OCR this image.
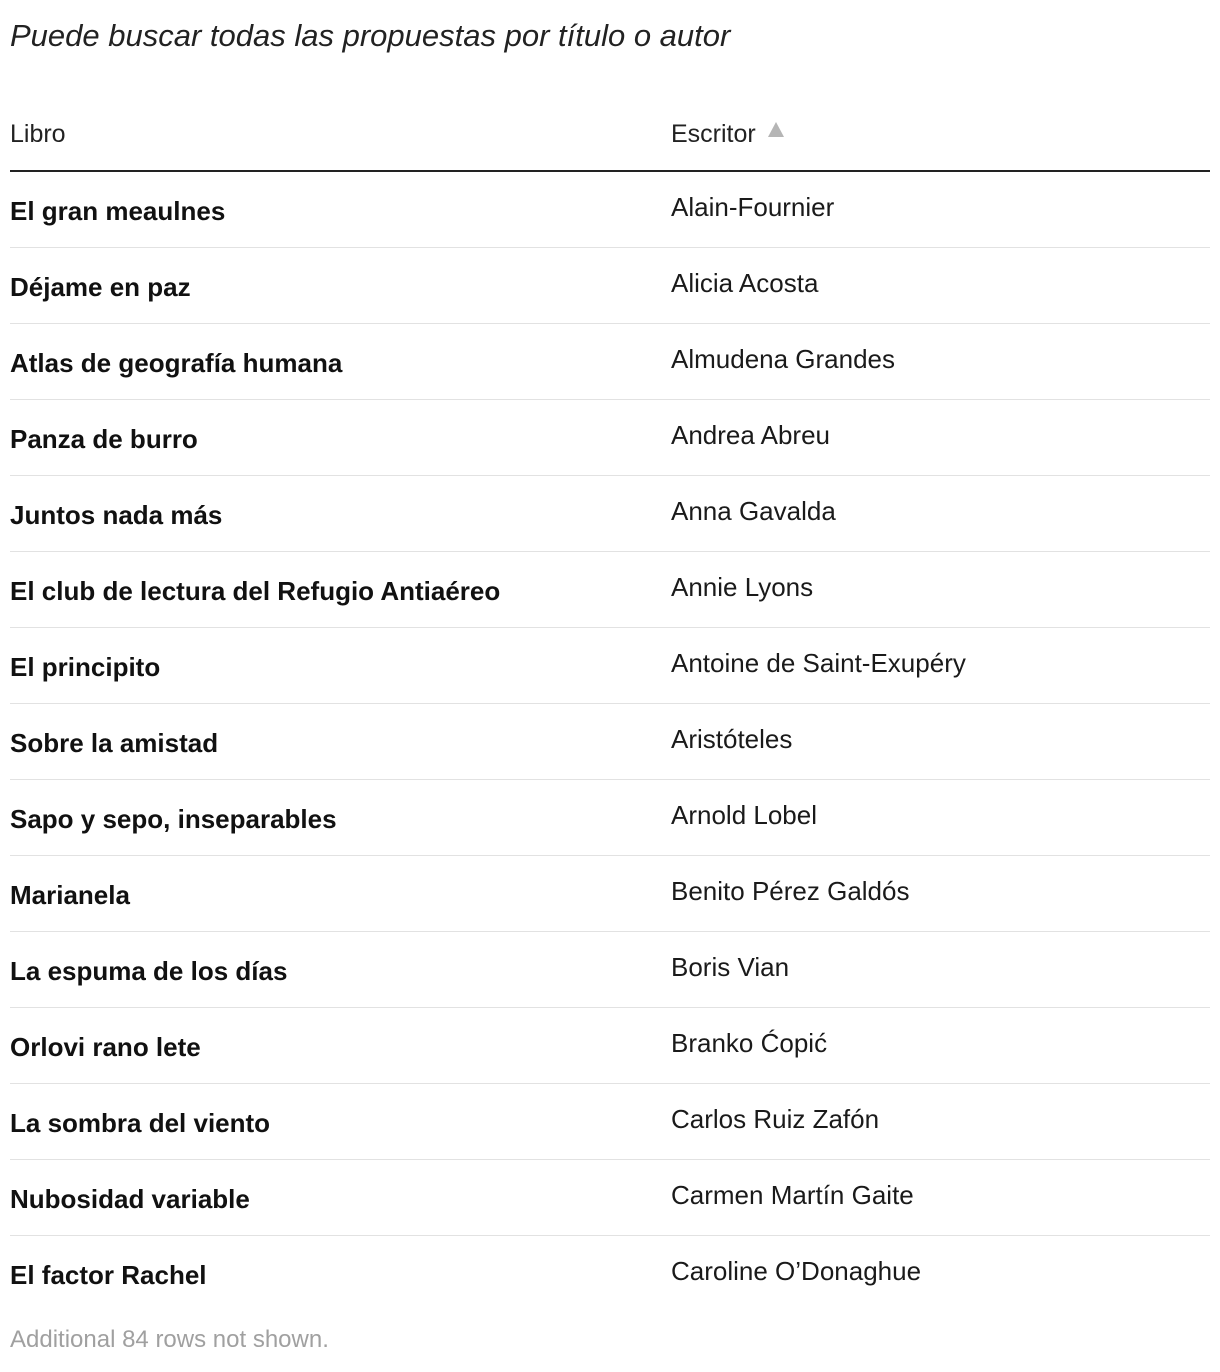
Puede buscar todas las propuestas por título o autor
Libro	Escritor
El gran meaulnes	Alain-Fournier
Déjame en paz	Alicia Acosta
Atlas de geografía humana	Almudena Grandes
Panza de burro	Andrea Abreu
Juntos nada más	Anna Gavalda
El club de lectura del Refugio Antiaéreo	Annie Lyons
El principito	Antoine de Saint-Exupéry
Sobre la amistad	Aristóteles
Sapo y sepo, inseparables	Arnold Lobel
Marianela	Benito Pérez Galdós
La espuma de los días	Boris Vian
Orlovi rano lete	Branko Ćopić
La sombra del viento	Carlos Ruiz Zafón
Nubosidad variable	Carmen Martín Gaite
El factor Rachel	Caroline O’Donaghue
Additional 84 rows not shown.
